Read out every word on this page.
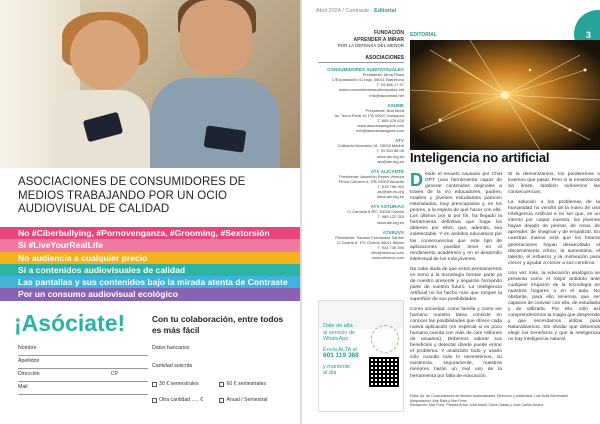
ASOCIACIONES DE CONSUMIDORES DE MEDIOS TRABAJANDO POR UN OCIO AUDIOVISUAL DE CALIDAD
No #Ciberbullying, #Pornovenganza, #Grooming, #Sextorsión
Sí #LiveYourRealLife
No audiencia a cualquier precio
Sí a contenidos audiovisuales de calidad
Las pantallas y sus contenidos bajo la mirada atenta de Contraste
Por un consumo audiovisual ecológico
¡Asóciate!	Con tu colaboración, entre todos es más fácil
Nombre
Apellidos
Dirección	CP
Mail
Datos bancarios
Cantidad suscrita
30 € semestrales
	60 € semestrales

Otra cantidad ..... €
	Anual / Semestral
Abril 2024 / Contraste - Editorial
3
FUNDACIÓN
APRENDER A MIRAR
POR LA DEFENSA DEL MENOR
EDITORIAL
ASOCIACIONES
CONSUMIDORES AUDIOVISUALES
Presidente: Alma Plaza
C/Explanación 41 bajo, 08011 Barcelona
T. 93 486 17 57
www.consumidoresaudiovisuales.cat
info@lacontrast.net
ASUME
Presidente: Ana Mora
Av. Tenor Fleta 16 1ºA 50007 Zaragoza
T. 605 476 628
www.asumezaragoza.com
info@asumezaragoza.com
ATV
C/Alberto Moncada 18, 28028 Madrid
T. 91 534 88 08
www.atv.org.es
atv@atv.org.es
ATV ALICANTE
Presidente: Asunción Reyes Ventura
Pintor Cabrera 4, 1ºB 03003 Alicante
T. 615 786 944
atv@atv.es.org
www.atv.org.es
ATV ASTURIAS
C/ Camelia 8 8ºC 33006 Oviedo
T. 985 122 253
www.atv.org.es
ATVEUVS
Presidente: Samuel Fernández Santos
C/ Duarte 5, 1ºC Oviedo 48011 Bilbao
T. 944 736 396
info@atveuvs.com
www.atveuvs.com
Inteligencia no artificial

Desde el revuelo causado por Chat GPT (una herramienta capaz de generar contenidos originales a través de la IA) educadores, padres, madres y jóvenes estudiantes parecen estimulados, muy preocupados y, en los peores, a la espera de qué hacer con ella. Los últimos por si por fin, ha llegado la herramienta definitiva que haga los deberes por ellos, que, además, sea indetectable. Y en ámbitos educativos por las consecuencias que este tipo de aplicaciones puedan tener en el rendimiento académico y en el desarrollo intelectual de los más jóvenes.

No cabe duda de que estos pensamientos en torno a la tecnología forman parte ya de nuestro presente y seguirán formando parte de nuestro futuro. La Inteligencia Artificial no ha hecho más que romper la superficie de sus posibilidades.

Como sociedad, como familia y como ser humano nuestra tarea consiste en conocer las posibilidades que ofrece cada nueva aplicación (en especial si es poco humano cuenta con más de cien millones de usuarios). Debemos valorar sus beneficios y detectar dónde puede entrar el problema. Y analizarlo todo y usarlo sólo cuando más lo necesitemos, su existencia, seguramente, nuestros menores harán un mal uso de la herramienta por falta de educación.

Si la demonizamos, los perderemos o traemos que pasar. Pero si la ensalzamos sin límite, también sufriremos las consecuencias.

La solución a los problemas de la humanidad no vendrá de la mano de una Inteligencia Artificial a no ser que, en un intento por culpar nuestra, los jóvenes hayan dejado de pensar, de crear, de aprender, de imaginar y de empatizar. En nuestras manos está que los futuros generaciones hayan desarrollado el discernimiento crítico, la autoestima, el talento, el esfuerzo y la motivación para crecer y ayudar a crecer a sus cerebros.

Una vez más, la educación analógica se presenta como el mejor antídoto ante cualquier irrupción de la tecnología en nuestros hogares o en el aula. No obstante, para ello tenemos que ser capaces de convivir con ella, de estudiarla y de utilizarla. Por ello, sólo así comprenderemos la magia que desprende y que necesitamos utilizar para Naturalizarnos. Sin olvidar que debemos elegir los beneficios y que la inteligencia no hay inteligencia natural.

Date de alta
al servicio de
WhatsApp
Envía ALTA al
601 119 388
y mantente
al día
Edita: As. de Consumidores de Medios Audiovisuales. Dirección y publicidad: Luis Bolla Blommaert
Maquetación: Ana Rafa y Mar Pons
Redacción: Mar Pons, Patricia Arnal, Julia Maldi, Carla Casals y José Carlos Arranz
